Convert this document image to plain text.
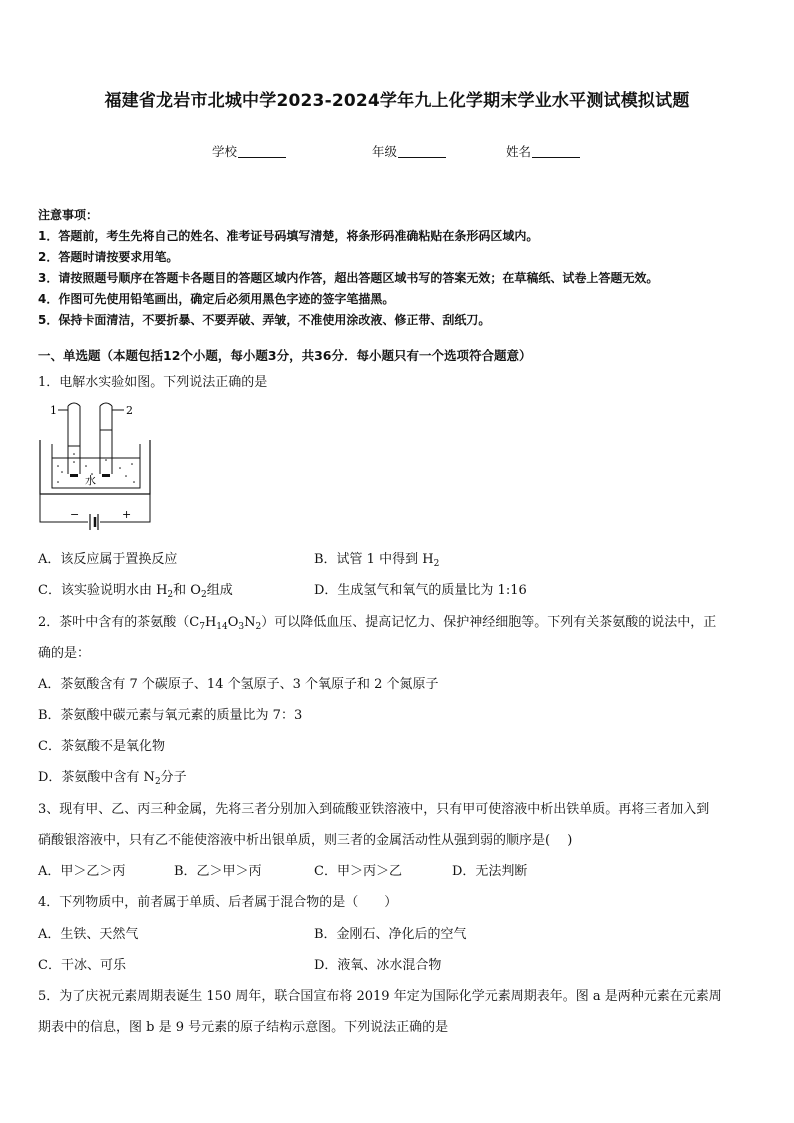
福建省龙岩市北城中学2023-2024学年九上化学期末学业水平测试模拟试题
学校	年级	姓名
注意事项：
1．答题前，考生先将自己的姓名、准考证号码填写清楚，将条形码准确粘贴在条形码区域内。
2．答题时请按要求用笔。
3．请按照题号顺序在答题卡各题目的答题区域内作答，超出答题区域书写的答案无效；在草稿纸、试卷上答题无效。
4．作图可先使用铅笔画出，确定后必须用黑色字迹的签字笔描黑。
5．保持卡面清洁，不要折暴、不要弄破、弄皱，不准使用涂改液、修正带、刮纸刀。
一、单选题（本题包括12个小题，每小题3分，共36分．每小题只有一个选项符合题意）
1．电解水实验如图。下列说法正确的是
1	2
水
−	+
A．该反应属于置换反应	B．试管 1 中得到 $H_2$
C．该实验说明水由 $H_2$和 $O_2$组成	D．生成氢气和氧气的质量比为 1:16
2．茶叶中含有的茶氨酸$(C_7H_{14}O_3N_2)$可以降低血压、提高记忆力、保护神经细胞等。下列有关茶氨酸的说法中，正
确的是：
A．茶氨酸含有 7 个碳原子、14 个氢原子、3 个氧原子和 2 个氮原子
B．茶氨酸中碳元素与氧元素的质量比为 7：3
C．茶氨酸不是氧化物
D．茶氨酸中含有 $N_2$分子
3、现有甲、乙、丙三种金属，先将三者分别加入到硫酸亚铁溶液中，只有甲可使溶液中析出铁单质。再将三者加入到
硝酸银溶液中，只有乙不能使溶液中析出银单质，则三者的金属活动性从强到弱的顺序是(　 )
A．甲＞乙＞丙	B．乙＞甲＞丙	C．甲＞丙＞乙	D．无法判断
4．下列物质中，前者属于单质、后者属于混合物的是（　　）
A．生铁、天然气	B．金刚石、净化后的空气
C．干冰、可乐	D．液氧、冰水混合物
5．为了庆祝元素周期表诞生 150 周年，联合国宣布将 2019 年定为国际化学元素周期表年。图 a 是两种元素在元素周
期表中的信息，图 b 是 9 号元素的原子结构示意图。下列说法正确的是
